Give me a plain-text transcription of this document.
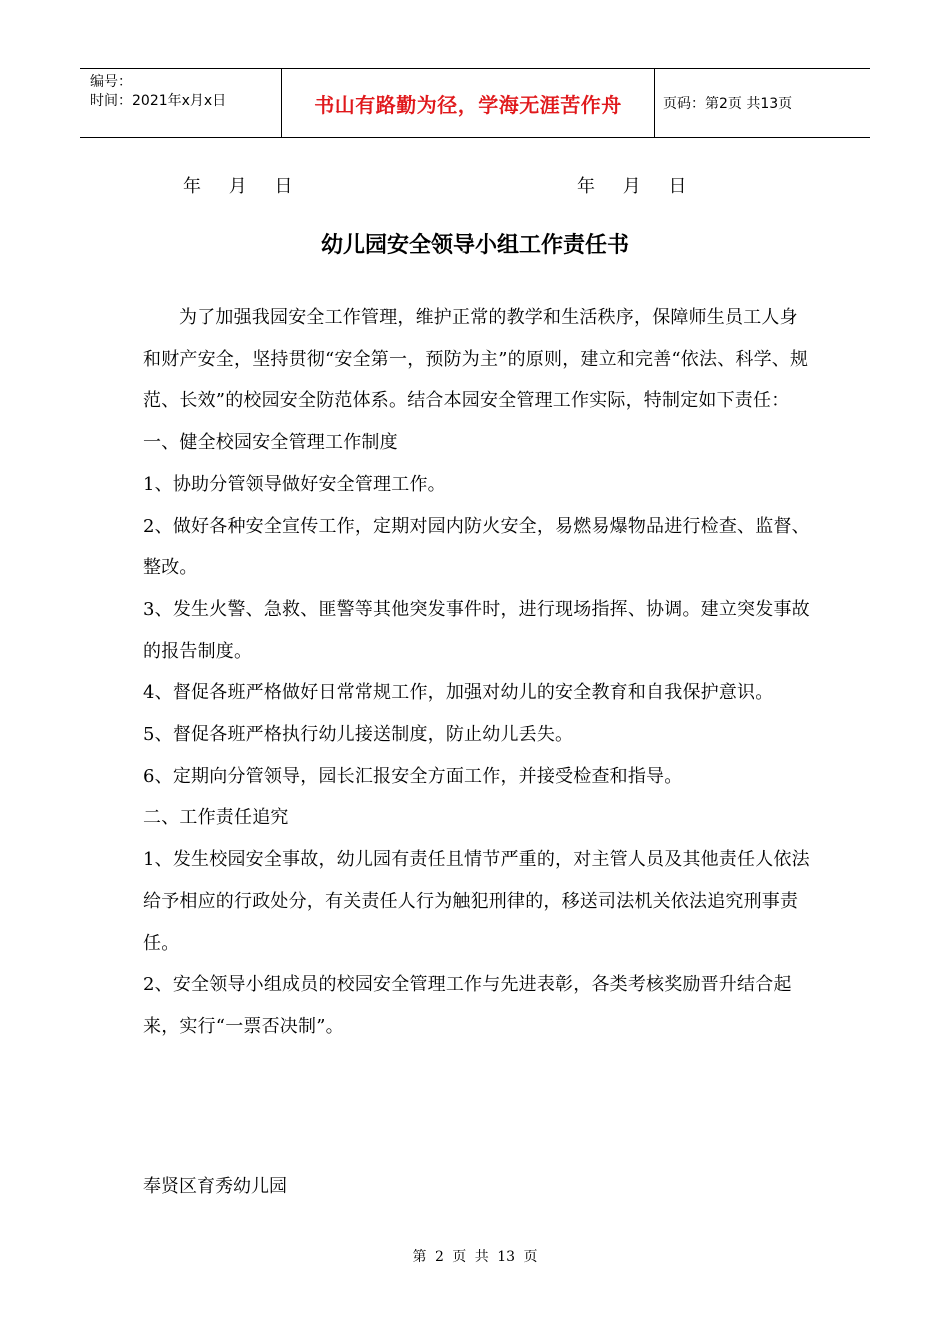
编号：
时间：2021年x月x日	书山有路勤为径，学海无涯苦作舟	页码：第2页 共13页
年 月 日	年 月 日
幼儿园安全领导小组工作责任书

为了加强我园安全工作管理，维护正常的教学和生活秩序，保障师生员工人身和财产安全，坚持贯彻“安全第一，预防为主”的原则，建立和完善“依法、科学、规范、长效”的校园安全防范体系。结合本园安全管理工作实际，特制定如下责任：

一、健全校园安全管理工作制度

1、协助分管领导做好安全管理工作。

2、做好各种安全宣传工作，定期对园内防火安全，易燃易爆物品进行检查、监督、整改。

3、发生火警、急救、匪警等其他突发事件时，进行现场指挥、协调。建立突发事故的报告制度。

4、督促各班严格做好日常常规工作，加强对幼儿的安全教育和自我保护意识。

5、督促各班严格执行幼儿接送制度，防止幼儿丢失。

6、定期向分管领导，园长汇报安全方面工作，并接受检查和指导。

二、工作责任追究

1、发生校园安全事故，幼儿园有责任且情节严重的，对主管人员及其他责任人依法给予相应的行政处分，有关责任人行为触犯刑律的，移送司法机关依法追究刑事责任。

2、安全领导小组成员的校园安全管理工作与先进表彰，各类考核奖励晋升结合起来，实行“一票否决制”。

奉贤区育秀幼儿园
第 2 页 共 13 页
